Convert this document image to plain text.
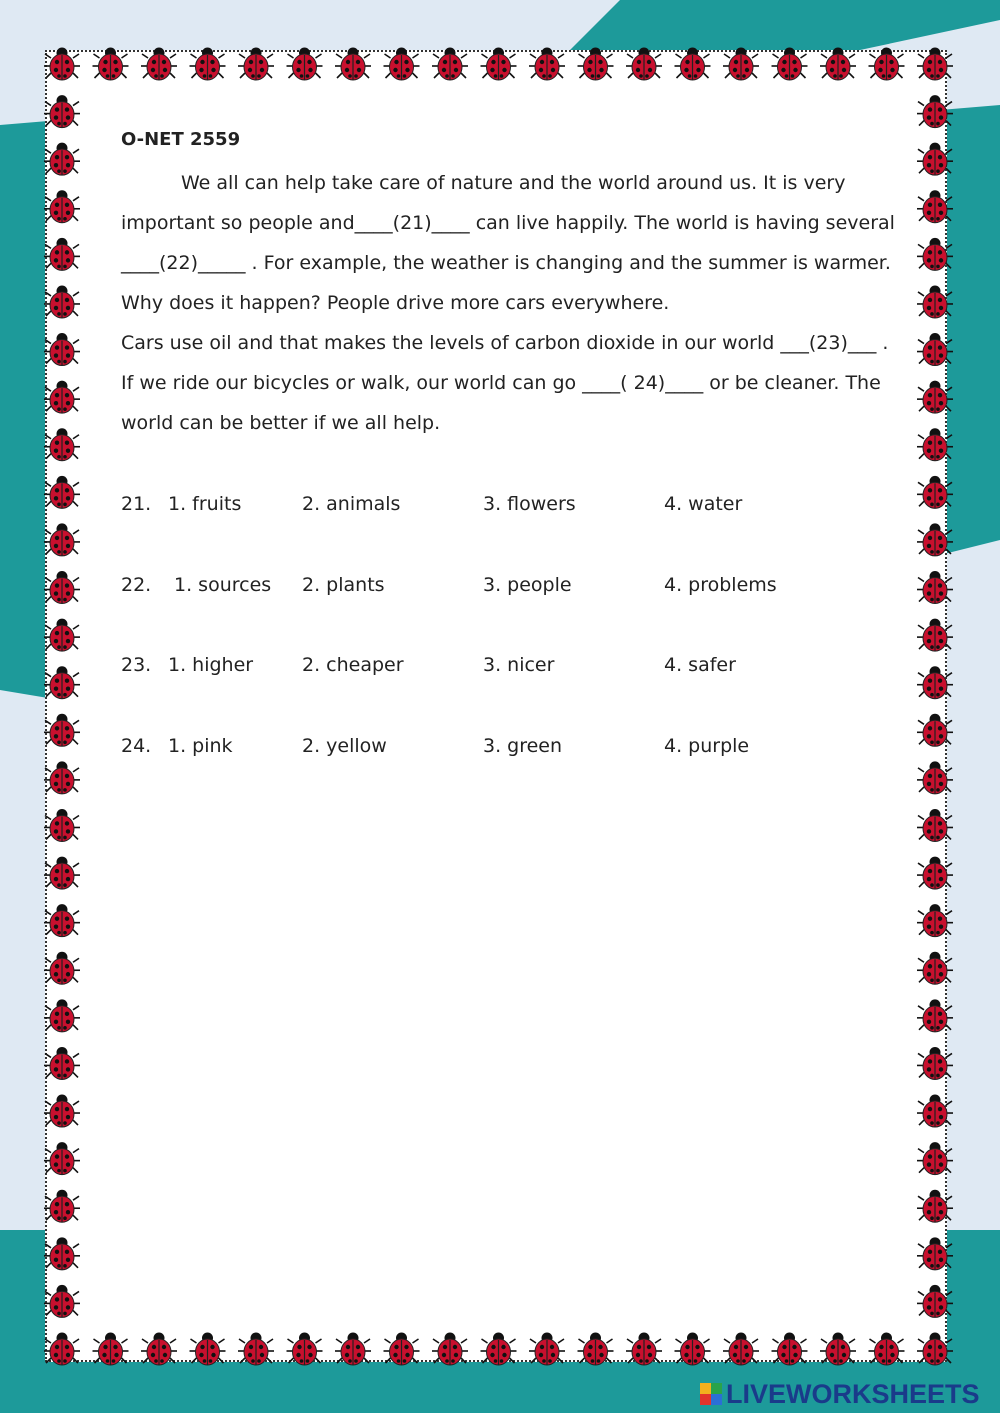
O-NET 2559

We all can help take care of nature and the world around us. It is very

important so people and____(21)____ can live happily. The world is having several

____(22)_____ . For example, the weather is changing and the summer is warmer.

Why does it happen? People drive more cars everywhere.

Cars use oil and that makes the levels of carbon dioxide in our world ___(23)___ .

If we ride our bicycles or walk, our world can go ____( 24)____ or be cleaner. The

world can be better if we all help.

21. 1. fruits	2. animals	3. flowers	4. water
22. 1. sources 2. plants	3. people	4. problems
23. 1. higher	2. cheaper	3. nicer	4. safer
24. 1. pink	2. yellow	3. green	4. purple
LIVEWORKSHEETS
